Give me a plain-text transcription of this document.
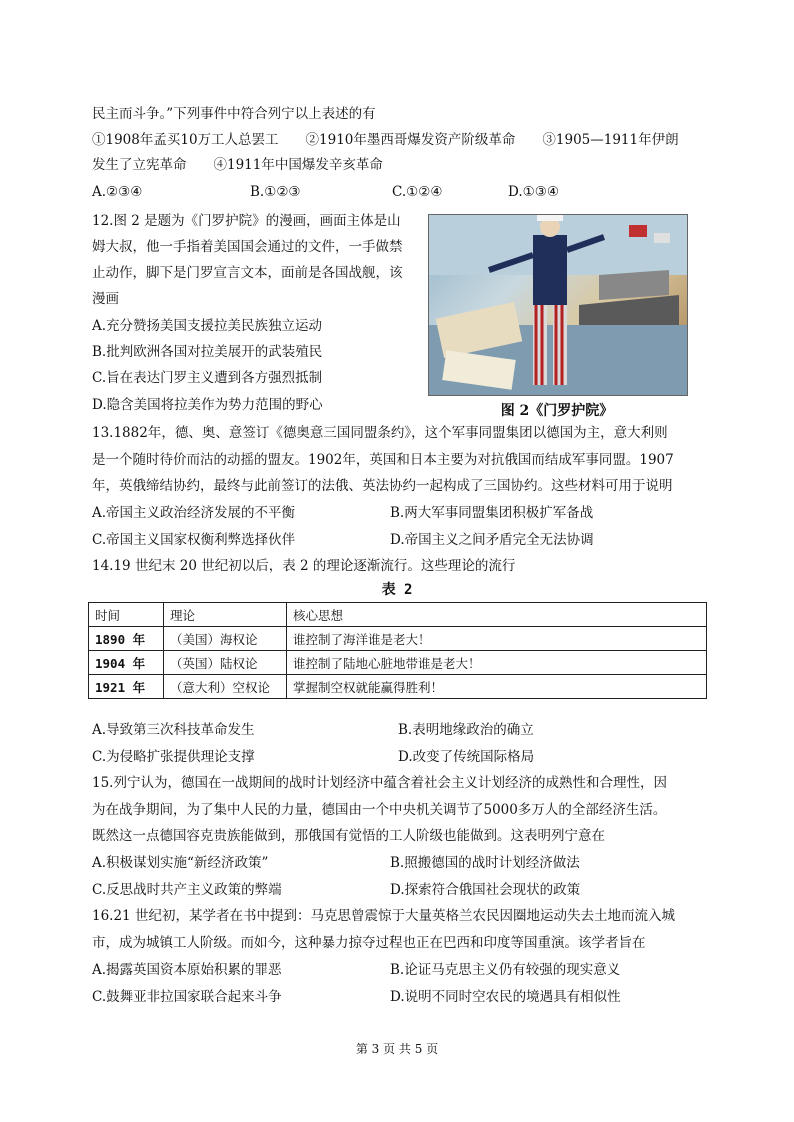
民主而斗争。”下列事件中符合列宁以上表述的有
①1908年孟买10万工人总罢工　　②1910年墨西哥爆发资产阶级革命　　③1905—1911年伊朗
发生了立宪革命　　④1911年中国爆发辛亥革命
A.②③④	B.①②③	C.①②④	D.①③④
12.图 2 是题为《门罗护院》的漫画，画面主体是山
姆大叔，他一手指着美国国会通过的文件，一手做禁
止动作，脚下是门罗宣言文本，面前是各国战舰，该
漫画
A.充分赞扬美国支援拉美民族独立运动
B.批判欧洲各国对拉美展开的武装殖民
C.旨在表达门罗主义遭到各方强烈抵制
D.隐含美国将拉美作为势力范围的野心	图 2《门罗护院》
13.1882年，德、奥、意签订《德奥意三国同盟条约》，这个军事同盟集团以德国为主，意大利则
是一个随时待价而沽的动摇的盟友。1902年，英国和日本主要为对抗俄国而结成军事同盟。1907
年，英俄缔结协约，最终与此前签订的法俄、英法协约一起构成了三国协约。这些材料可用于说明
A.帝国主义政治经济发展的不平衡	B.两大军事同盟集团积极扩军备战
C.帝国主义国家权衡利弊选择伙伴	D.帝国主义之间矛盾完全无法协调
14.19 世纪末 20 世纪初以后，表 2 的理论逐渐流行。这些理论的流行
表 2
时间	理论	核心思想
1890 年	（美国）海权论	谁控制了海洋谁是老大！
1904 年	（英国）陆权论	谁控制了陆地心脏地带谁是老大！
1921 年	（意大利）空权论	掌握制空权就能赢得胜利！
A.导致第三次科技革命发生	B.表明地缘政治的确立
C.为侵略扩张提供理论支撑	D.改变了传统国际格局
15.列宁认为，德国在一战期间的战时计划经济中蕴含着社会主义计划经济的成熟性和合理性，因
为在战争期间，为了集中人民的力量，德国由一个中央机关调节了5000多万人的全部经济生活。
既然这一点德国容克贵族能做到，那俄国有觉悟的工人阶级也能做到。这表明列宁意在
A.积极谋划实施“新经济政策”	B.照搬德国的战时计划经济做法
C.反思战时共产主义政策的弊端	D.探索符合俄国社会现状的政策
16.21 世纪初，某学者在书中提到：马克思曾震惊于大量英格兰农民因圈地运动失去土地而流入城
市，成为城镇工人阶级。而如今，这种暴力掠夺过程也正在巴西和印度等国重演。该学者旨在
A.揭露英国资本原始积累的罪恶	B.论证马克思主义仍有较强的现实意义
C.鼓舞亚非拉国家联合起来斗争	D.说明不同时空农民的境遇具有相似性
第 3 页 共 5 页
